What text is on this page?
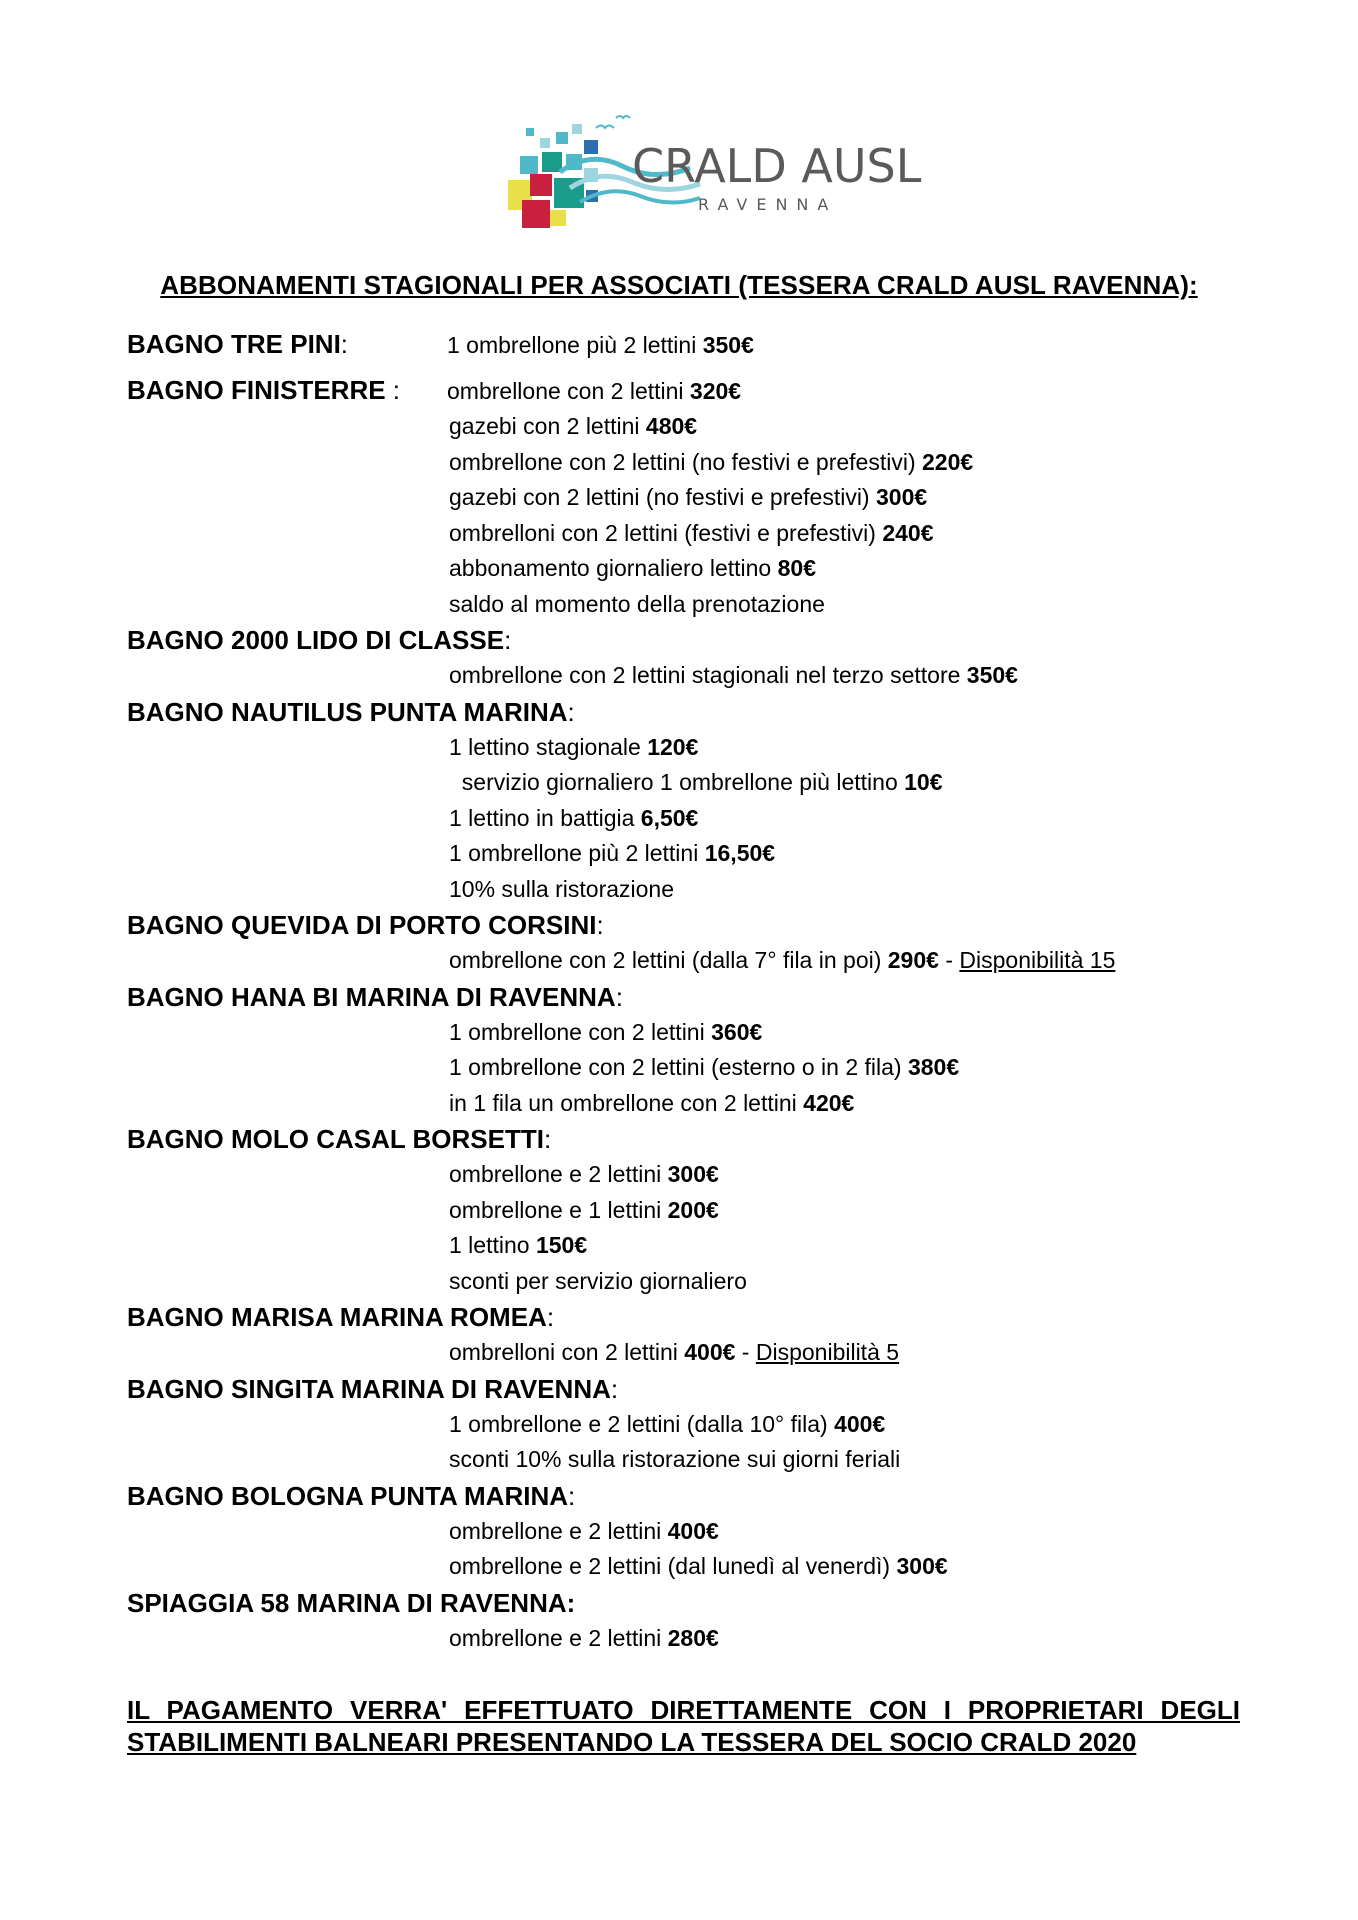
CRALD AUSL
RAVENNA
ABBONAMENTI STAGIONALI PER ASSOCIATI (TESSERA CRALD AUSL RAVENNA):
BAGNO TRE PINI:	1 ombrellone più 2 lettini 350€
BAGNO FINISTERRE :	ombrellone con 2 lettini 320€
gazebi con 2 lettini 480€
ombrellone con 2 lettini (no festivi e prefestivi) 220€
gazebi con 2 lettini (no festivi e prefestivi) 300€
ombrelloni con 2 lettini (festivi e prefestivi) 240€
abbonamento giornaliero lettino 80€
saldo al momento della prenotazione
BAGNO 2000 LIDO DI CLASSE:
ombrellone con 2 lettini stagionali nel terzo settore 350€
BAGNO NAUTILUS PUNTA MARINA:
1 lettino stagionale 120€
servizio giornaliero 1 ombrellone più lettino 10€
1 lettino in battigia 6,50€
1 ombrellone più 2 lettini 16,50€
10% sulla ristorazione
BAGNO QUEVIDA DI PORTO CORSINI:
ombrellone con 2 lettini (dalla 7° fila in poi) 290€ - Disponibilità 15
BAGNO HANA BI MARINA DI RAVENNA:
1 ombrellone con 2 lettini 360€
1 ombrellone con 2 lettini (esterno o in 2 fila) 380€
in 1 fila un ombrellone con 2 lettini 420€
BAGNO MOLO CASAL BORSETTI:
ombrellone e 2 lettini 300€
ombrellone e 1 lettini 200€
1 lettino 150€
sconti per servizio giornaliero
BAGNO MARISA MARINA ROMEA:
ombrelloni con 2 lettini 400€ - Disponibilità 5
BAGNO SINGITA MARINA DI RAVENNA:
1 ombrellone e 2 lettini (dalla 10° fila) 400€
sconti 10% sulla ristorazione sui giorni feriali
BAGNO BOLOGNA PUNTA MARINA:
ombrellone e 2 lettini 400€
ombrellone e 2 lettini (dal lunedì al venerdì) 300€
SPIAGGIA 58 MARINA DI RAVENNA:
ombrellone e 2 lettini 280€
IL PAGAMENTO VERRA' EFFETTUATO DIRETTAMENTE CON I PROPRIETARI DEGLI STABILIMENTI BALNEARI PRESENTANDO LA TESSERA DEL SOCIO CRALD 2020
